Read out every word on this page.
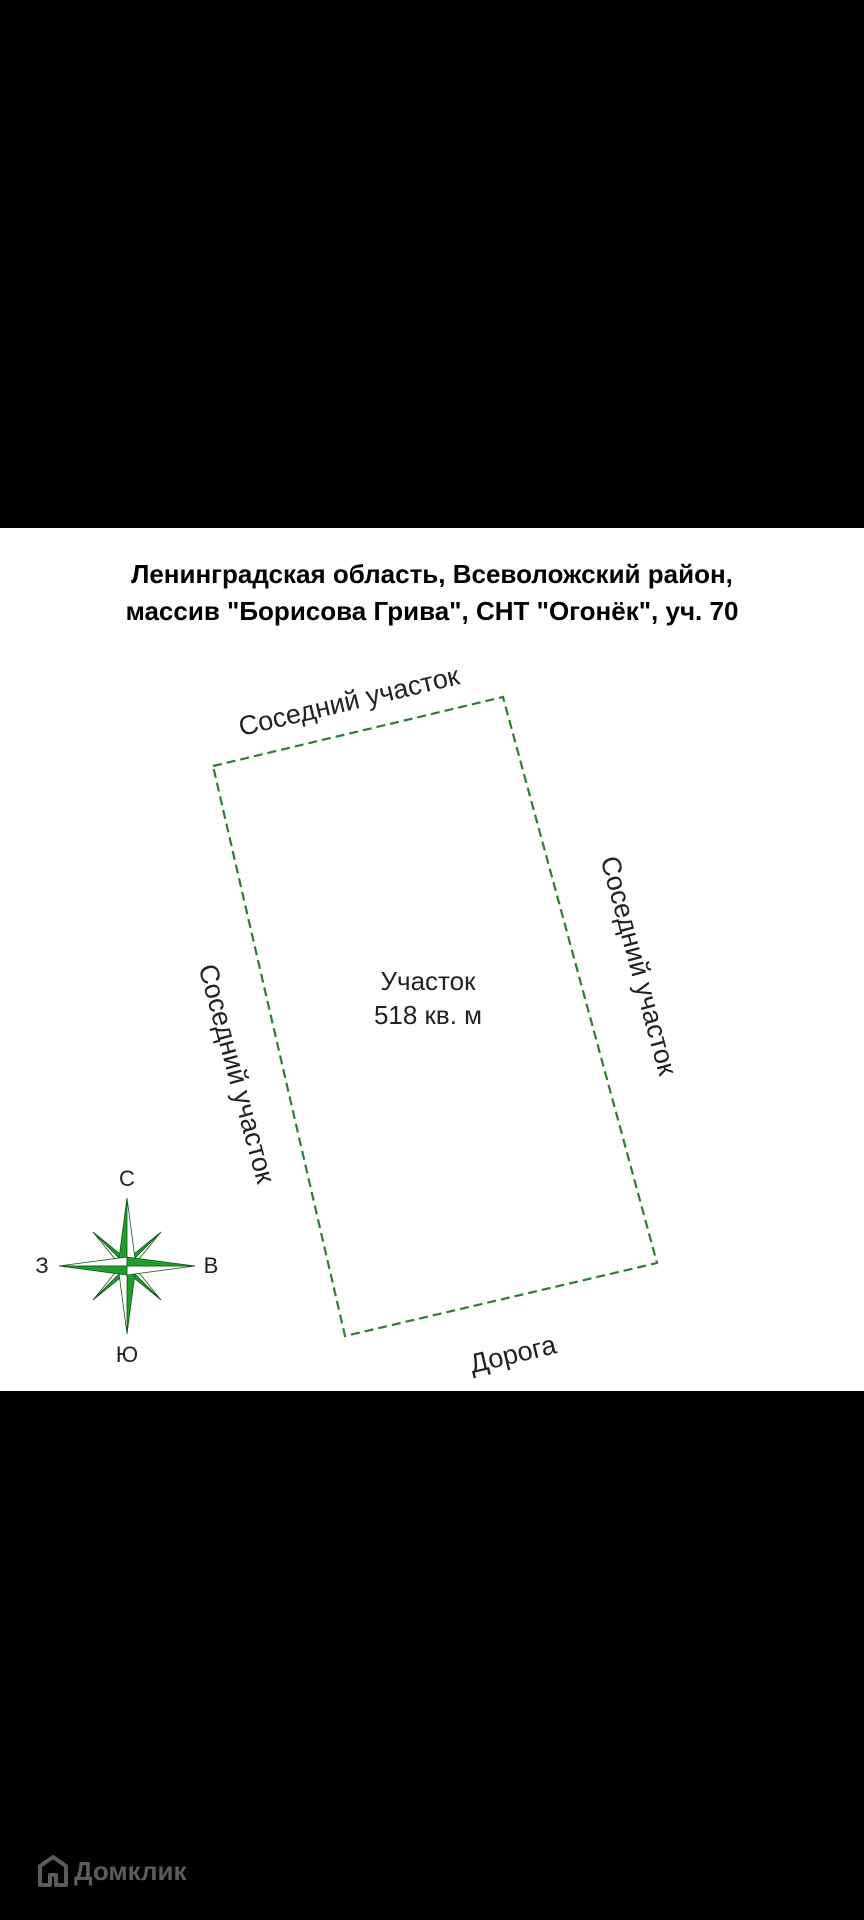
Ленинградская область, Всеволожский район,
массив "Борисова Грива", СНТ "Огонёк", уч. 70
Участок
518 кв. м
Соседний участок
Соседний участок
Соседний участок
Дорога
С
Ю
З	В
Домклик
